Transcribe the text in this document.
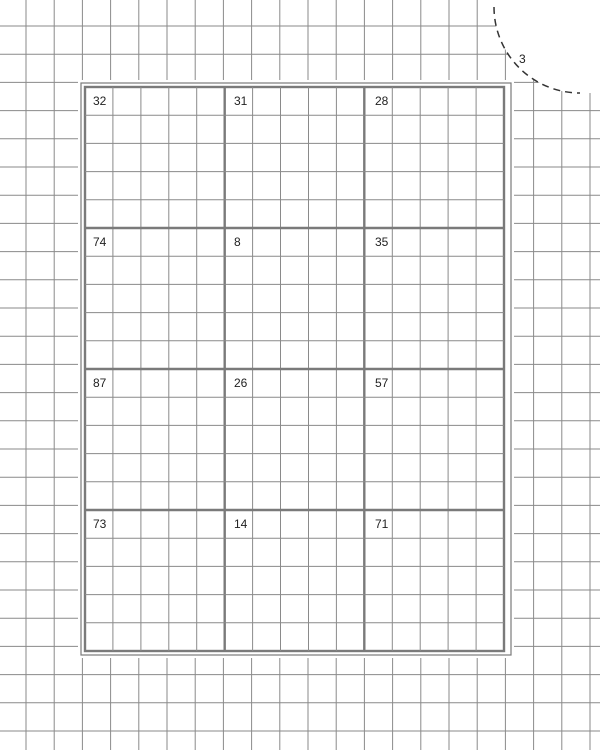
32	31	28
74	8	35
87	26	57
73	14	71
3
